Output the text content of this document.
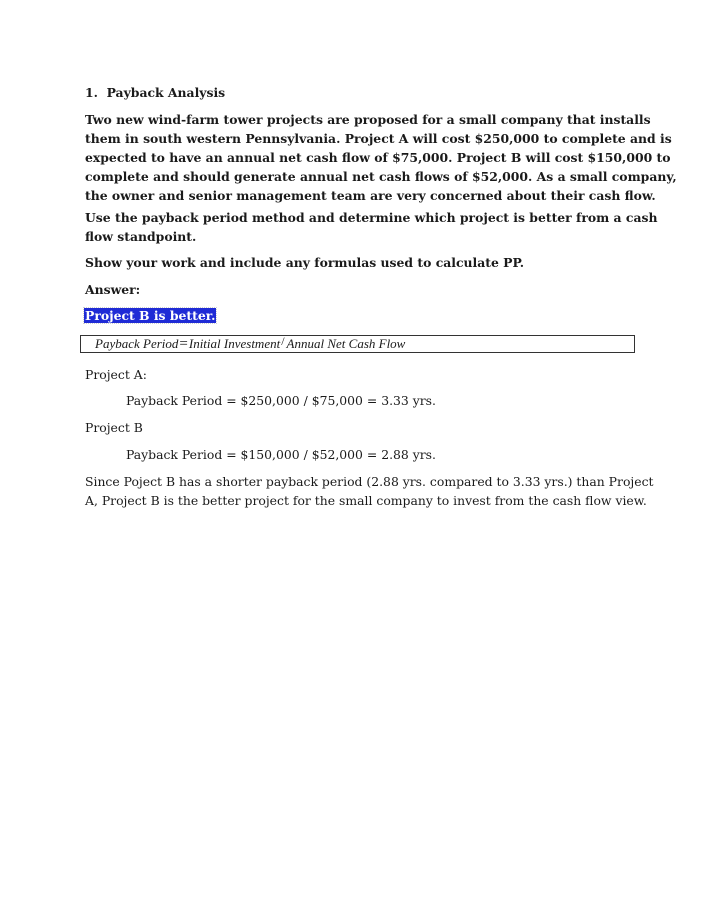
1. Payback Analysis
Two new wind-farm tower projects are proposed for a small company that installs
them in south western Pennsylvania. Project A will cost $250,000 to complete and is
expected to have an annual net cash flow of $75,000. Project B will cost $150,000 to
complete and should generate annual net cash flows of $52,000. As a small company,
the owner and senior management team are very concerned about their cash flow.
Use the payback period method and determine which project is better from a cash
flow standpoint.
Show your work and include any formulas used to calculate PP.
Answer:
Project B is better.
Payback Period=Initial Investment/ Annual Net Cash Flow
Project A:
Payback Period = $250,000 / $75,000 = 3.33 yrs.
Project B
Payback Period = $150,000 / $52,000 = 2.88 yrs.
Since Poject B has a shorter payback period (2.88 yrs. compared to 3.33 yrs.) than Project
A, Project B is the better project for the small company to invest from the cash flow view.
